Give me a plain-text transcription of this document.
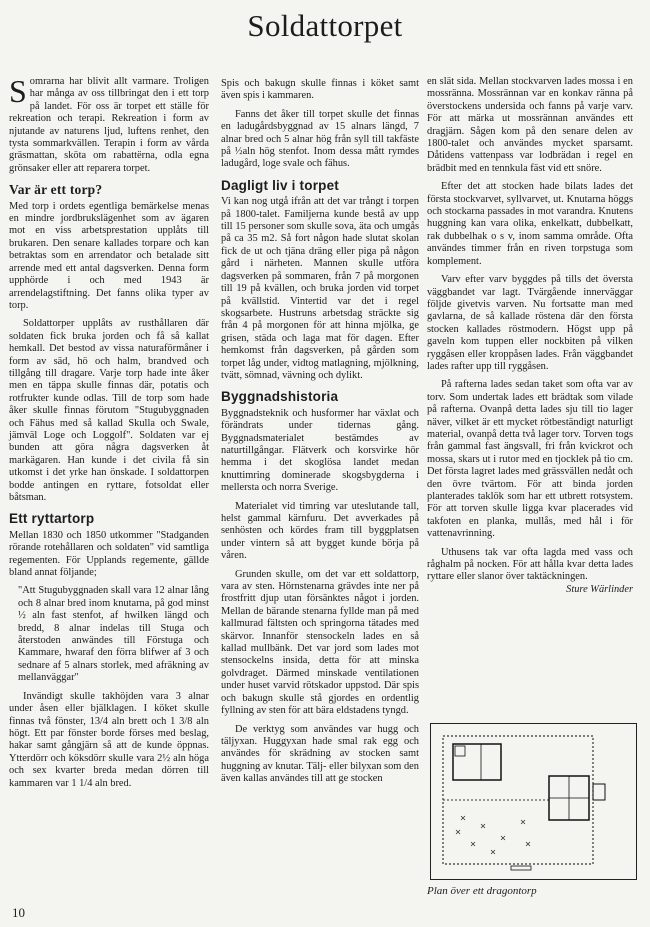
Soldattorpet

Somrarna har blivit allt varmare. Troligen har många av oss tillbringat den i ett torp på landet. För oss är torpet ett ställe för rekreation och terapi. Rekreation i form av njutande av naturens ljud, luftens renhet, den tysta sommarkvällen. Terapin i form av vårda gräsmattan, sköta om rabattërna, odla egna grönsaker eller att reparera torpet.

Var är ett torp?

Med torp i ordets egentliga bemärkelse menas en mindre jordbrukslägenhet som av ägaren mot en viss arbetsprestation upplåts till brukaren. Den senare kallades torpare och kan betraktas som en arrendator och betalade sitt arrende med ett antal dagsverken. Denna form upphörde i och med 1943 är arrendelagstiftning. Det fanns olika typer av torp.

Soldattorper upplåts av rusthållaren där soldaten fick bruka jorden och få så kallat hemkall. Det bestod av vissa naturaförmåner i form av säd, hö och halm, brandved och tillgång till dragare. Varje torp hade inte åker men en täppa skulle finnas där, potatis och rotfrukter kunde odlas. Till de torp som hade åker skulle finnas förutom "Stugubyggnaden och Fähus med så kallad Skulla och Swale, jämväl Loge och Loggolf". Soldaten var ej bunden att göra några dagsverken åt markägaren. Han kunde i det civila få sin utkomst i det yrke han önskade. I soldattorpen bodde antingen en ryttare, fotsoldat eller båtsman.

Ett ryttartorp

Mellan 1830 och 1850 utkommer "Stadganden rörande rotehållaren och soldaten" vid samtliga regementen. För Upplands regemente, gällde bland annat följande;

"Att Stugubyggnaden skall vara 12 alnar lång och 8 alnar bred inom knutarna, på god minst ½ aln fast stenfot, af hwilken längd och bredd, 8 alnar indelas till Stuga och återstoden anwändes till Förstuga och Kammare, hwaraf den förra blifwer af 3 och sednare af 5 alnars storlek, med afräkning av mellanväggar"

Invändigt skulle takhöjden vara 3 alnar under åsen eller bjälklagen. I köket skulle finnas två fönster, 13/4 aln brett och 1 3/8 aln högt. Ett par fönster borde förses med beslag, hakar samt gångjärn så att de kunde öppnas. Ytterdörr och köksdörr skulle vara 2½ aln höga och sex kvarter breda medan dörren till kammaren var 1 1/4 aln bred.

Spis och bakugn skulle finnas i köket samt även spis i kammaren.

Fanns det åker till torpet skulle det finnas en ladugårdsbyggnad av 15 alnars längd, 7 alnar bred och 5 alnar hög från syll till takfäste på ½aln hög stenfot. Inom dessa mått rymdes ladugård, loge svale och fähus.

Dagligt liv i torpet

Vi kan nog utgå ifrån att det var trångt i torpen på 1800-talet. Familjerna kunde bestå av upp till 15 personer som skulle sova, äta och umgås på ca 35 m2. Så fort någon hade slutat skolan fick de ut och tjäna dräng eller piga på någon gård i närheten. Mannen skulle utföra dagsverken på sommaren, från 7 på morgonen till 19 på kvällen, och bruka jorden vid torpet på kvällstid. Vintertid var det i regel skogsarbete. Hustruns arbetsdag sträckte sig från 4 på morgonen för att hinna mjölka, ge grisen, städa och laga mat för dagen. Efter hemkomst från dagsverken, på gården som torpet låg under, vidtog matlagning, mjölkning, tvätt, sömnad, vävning och dylikt.

Byggnadshistoria

Byggnadsteknik och husformer har växlat och förändrats under tidernas gång. Byggnadsmaterialet bestämdes av naturtillgångar. Flätverk och korsvirke hör hemma i det skoglösa landet medan knuttimring dominerade skogsbygderna i mellersta och norra Sverige.

Materialet vid timring var uteslutande tall, helst gammal kärnfuru. Det avverkades på senhösten och kördes fram till byggplatsen under vintern så att bygget kunde börja på våren.

Grunden skulle, om det var ett soldattorp, vara av sten. Hörnstenarna grävdes inte ner på frostfritt djup utan försänktes något i jorden. Mellan de bärande stenarna fyllde man på med kallmurad fältsten och springorna tätades med skärvor. Innanför stensockeln lades en så kallad mullbänk. Det var jord som lades mot stensockelns insida, detta för att minska golvdraget. Därmed minskade ventilationen under huset varvid rötskador uppstod. Där spis och bakugn skulle stå gjordes en ordentlig fyllning av sten för att bära eldstadens tyngd.

De verktyg som användes var hugg och täljyxan. Huggyxan hade smal rak egg och användes för skrädning av stocken samt huggning av knutar. Tälj- eller bilyxan som den även kallas användes till att ge stocken

en slät sida. Mellan stockvarven lades mossa i en mossränna. Mossrännan var en konkav ränna på överstockens undersida och fanns på varje varv. För att märka ut mossrännan användes ett dragjärn. Sågen kom på den senare delen av 1800-talet och användes mycket sparsamt. Dåtidens vattenpass var lodbrädan i regel en brädbit med en tennkula fäst vid ett snöre.

Efter det att stocken hade bilats lades det första stockvarvet, syllvarvet, ut. Knutarna höggs och stockarna passades in mot varandra. Knutens huggning kan vara olika, enkelkatt, dubbelkatt, rak dubbelhak o s v, inom samma område. Ofta användes timmer från en riven torpstuga som komplement.

Varv efter varv byggdes på tills det översta väggbandet var lagt. Tvärgående innerväggar följde givetvis varven. Nu fortsatte man med gavlarna, de så kallade röstena där den första stocken kallades röstmodern. Högst upp på gaveln kom tuppen eller nockbiten på vilken ryggåsen eller kroppåsen lades. Från väggbandet lades rafter upp till ryggåsen.

På rafterna lades sedan taket som ofta var av torv. Som undertak lades ett brädtak som vilade på rafterna. Ovanpå detta lades sju till tio lager näver, vilket är ett mycket rötbeständigt naturligt material, ovanpå detta två lager torv. Torven togs från gammal fast ängsvall, fri från kvickrot och mossa, skars ut i rutor med en tjocklek på tio cm. Det första lagret lades med grässvällen nedåt och den övre tvärtom. För att binda jorden planterades taklök som har ett utbrett rotsystem. För att torven skulle ligga kvar placerades vid takfoten en planka, mullås, med hål i för vattenavrinning.

Uthusens tak var ofta lagda med vass och råghalm på nocken. För att hålla kvar detta lades ryttare eller slanor över taktäckningen.
Sture Wärlinder

Plan över ett dragontorp
10
